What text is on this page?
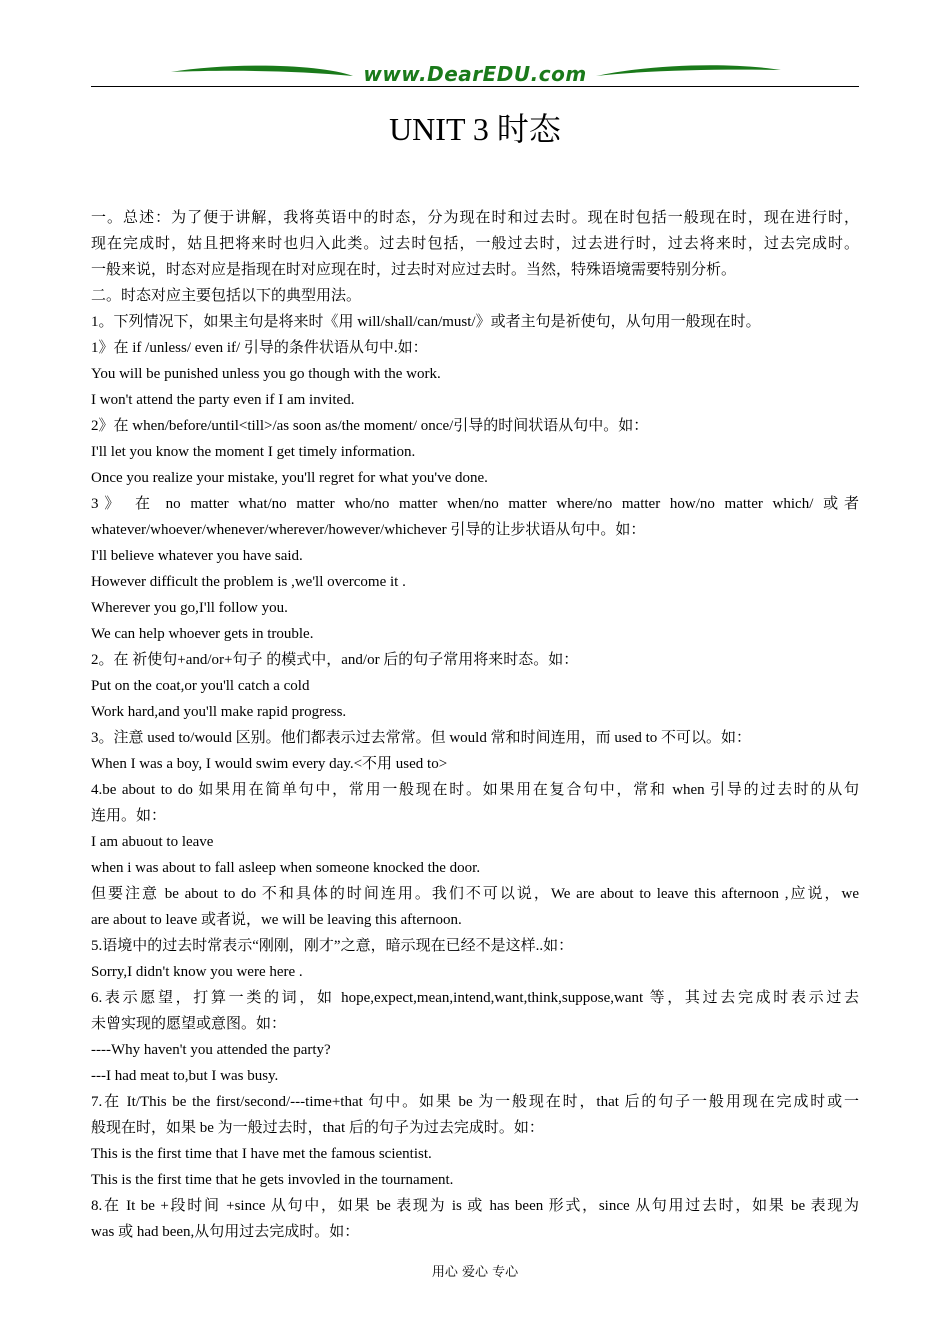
www.DearEDU.com
UNIT 3 时态
一。总述：为了便于讲解，我将英语中的时态，分为现在时和过去时。现在时包括一般现在时，现在进行时，
现在完成时，姑且把将来时也归入此类。过去时包括，一般过去时，过去进行时，过去将来时，过去完成时。
一般来说，时态对应是指现在时对应现在时，过去时对应过去时。当然，特殊语境需要特别分析。
二。时态对应主要包括以下的典型用法。
1。下列情况下，如果主句是将来时《用 will/shall/can/must/》或者主句是祈使句，从句用一般现在时。
1》在 if /unless/ even if/ 引导的条件状语从句中.如：
You will be punished unless you go though with the work.
I won't attend the party even if I am invited.
2》在 when/before/until<till>/as soon as/the moment/ once/引导的时间状语从句中。如：
I'll let you know the moment I get timely information.
Once you realize your mistake, you'll regret for what you've done.
3》 在 no matter what/no matter who/no matter when/no matter where/no matter how/no matter which/ 或者
whatever/whoever/whenever/wherever/however/whichever 引导的让步状语从句中。如：
I'll believe whatever you have said.
However difficult the problem is ,we'll overcome it .
Wherever you go,I'll follow you.
We can help whoever gets in trouble.
2。在 祈使句+and/or+句子 的模式中，and/or 后的句子常用将来时态。如：
Put on the coat,or you'll catch a cold
Work hard,and you'll make rapid progress.
3。注意 used to/would 区别。他们都表示过去常常。但 would 常和时间连用，而 used to 不可以。如：
When I was a boy, I would swim every day.<不用 used to>
4.be about to do 如果用在简单句中，常用一般现在时。如果用在复合句中，常和 when 引导的过去时的从句
连用。如：
I am abuout to leave
when i was about to fall asleep when someone knocked the door.
但要注意 be about to do 不和具体的时间连用。我们不可以说，We are about to leave this afternoon ,应说，we
are about to leave 或者说，we will be leaving this afternoon.
5.语境中的过去时常表示“刚刚，刚才”之意，暗示现在已经不是这样..如：
Sorry,I didn't know you were here .
6.表示愿望，打算一类的词，如 hope,expect,mean,intend,want,think,suppose,want 等，其过去完成时表示过去
未曾实现的愿望或意图。如：
----Why haven't you attended the party?
---I had meat to,but I was busy.
7.在 It/This be the first/second/---time+that 句中。如果 be 为一般现在时，that 后的句子一般用现在完成时或一
般现在时，如果 be 为一般过去时，that 后的句子为过去完成时。如：
This is the first time that I have met the famous scientist.
This is the first time that he gets invovled in the tournament.
8.在 It be +段时间 +since 从句中，如果 be 表现为 is 或 has been 形式，since 从句用过去时，如果 be 表现为
was 或 had been,从句用过去完成时。如：
用心 爱心 专心
